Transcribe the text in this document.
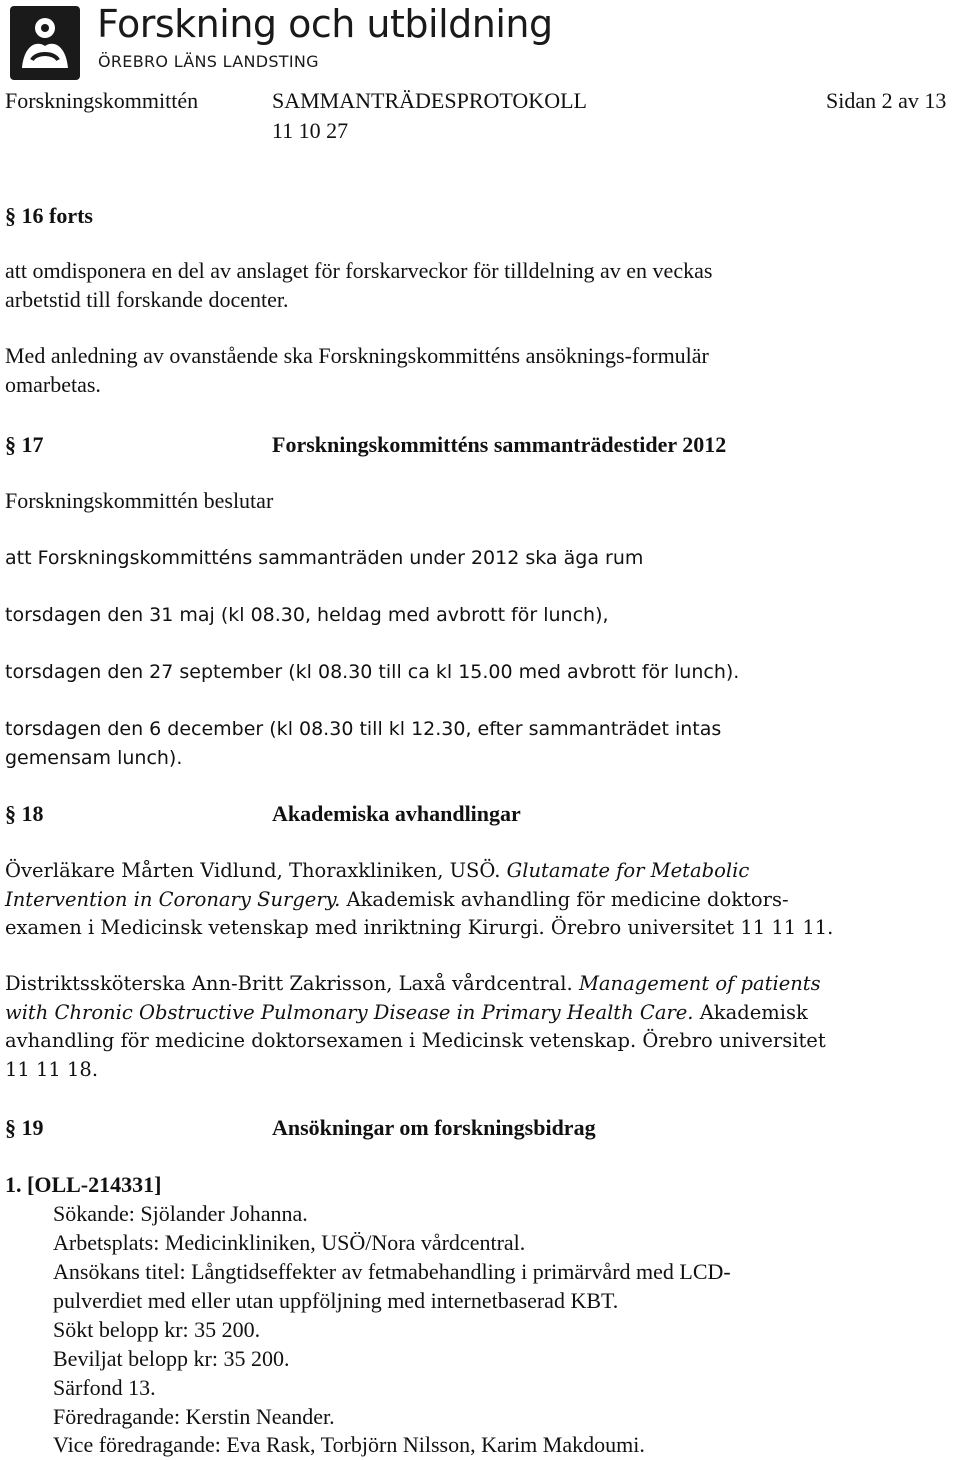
Forskning och utbildning
ÖREBRO LÄNS LANDSTING
Forskningskommittén	SAMMANTRÄDESPROTOKOLL	Sidan 2 av 13
11 10 27
§ 16 forts
att omdisponera en del av anslaget för forskarveckor för tilldelning av en veckas arbetstid till forskande docenter.
Med anledning av ovanstående ska Forskningskommitténs ansöknings-formulär omarbetas.
§ 17	Forskningskommitténs sammanträdestider 2012
Forskningskommittén beslutar
att Forskningskommitténs sammanträden under 2012 ska äga rum
torsdagen den 31 maj (kl 08.30, heldag med avbrott för lunch),
torsdagen den 27 september (kl 08.30 till ca kl 15.00 med avbrott för lunch).
torsdagen den 6 december (kl 08.30 till kl 12.30, efter sammanträdet intas gemensam lunch).
§ 18	Akademiska avhandlingar
Överläkare Mårten Vidlund, Thoraxkliniken, USÖ. Glutamate for Metabolic Intervention in Coronary Surgery. Akademisk avhandling för medicine doktors-examen i Medicinsk vetenskap med inriktning Kirurgi. Örebro universitet 11 11 11.
Distriktssköterska Ann-Britt Zakrisson, Laxå vårdcentral. Management of patients with Chronic Obstructive Pulmonary Disease in Primary Health Care. Akademisk avhandling för medicine doktorsexamen i Medicinsk vetenskap. Örebro universitet 11 11 18.
§ 19	Ansökningar om forskningsbidrag
1. [OLL-214331]
Sökande: Sjölander Johanna.
Arbetsplats: Medicinkliniken, USÖ/Nora vårdcentral.
Ansökans titel: Långtidseffekter av fetmabehandling i primärvård med LCD-
pulverdiet med eller utan uppföljning med internetbaserad KBT.
Sökt belopp kr: 35 200.
Beviljat belopp kr: 35 200.
Särfond 13.
Föredragande: Kerstin Neander.
Vice föredragande: Eva Rask, Torbjörn Nilsson, Karim Makdoumi.
